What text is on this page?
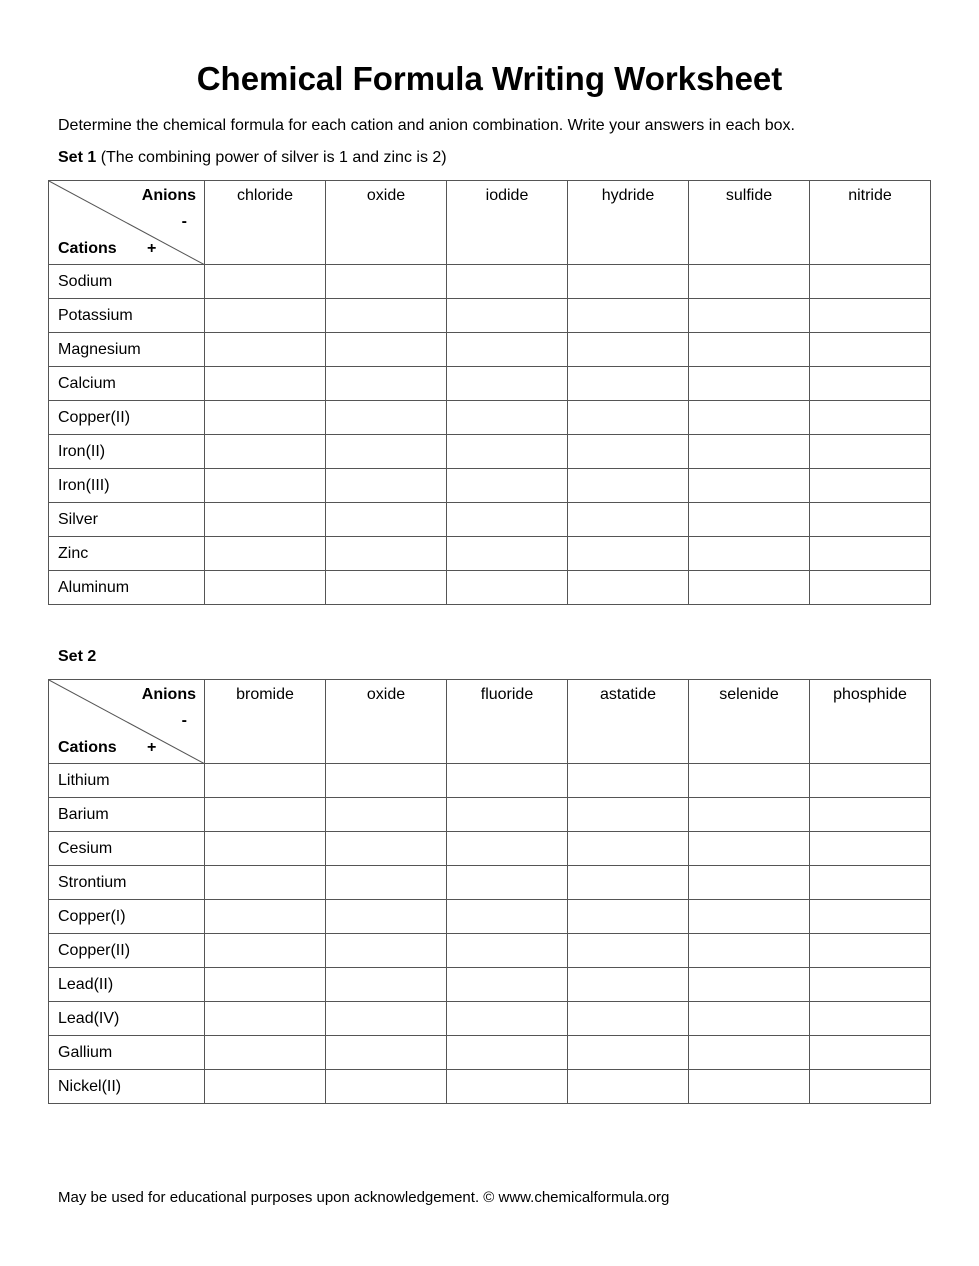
Chemical Formula Writing Worksheet

Determine the chemical formula for each cation and anion combination. Write your answers in each box.

Set 1 (The combining power of silver is 1 and zinc is 2)

Anions
-
Cations +	chloride	oxide	iodide	hydride	sulfide	nitride
Sodium						
Potassium						
Magnesium						
Calcium						
Copper(II)						
Iron(II)						
Iron(III)						
Silver						
Zinc						
Aluminum						

Set 2

Anions
-
Cations +	bromide	oxide	fluoride	astatide	selenide	phosphide
Lithium						
Barium						
Cesium						
Strontium						
Copper(I)						
Copper(II)						
Lead(II)						
Lead(IV)						
Gallium						
Nickel(II)						

May be used for educational purposes upon acknowledgement. © www.chemicalformula.org
